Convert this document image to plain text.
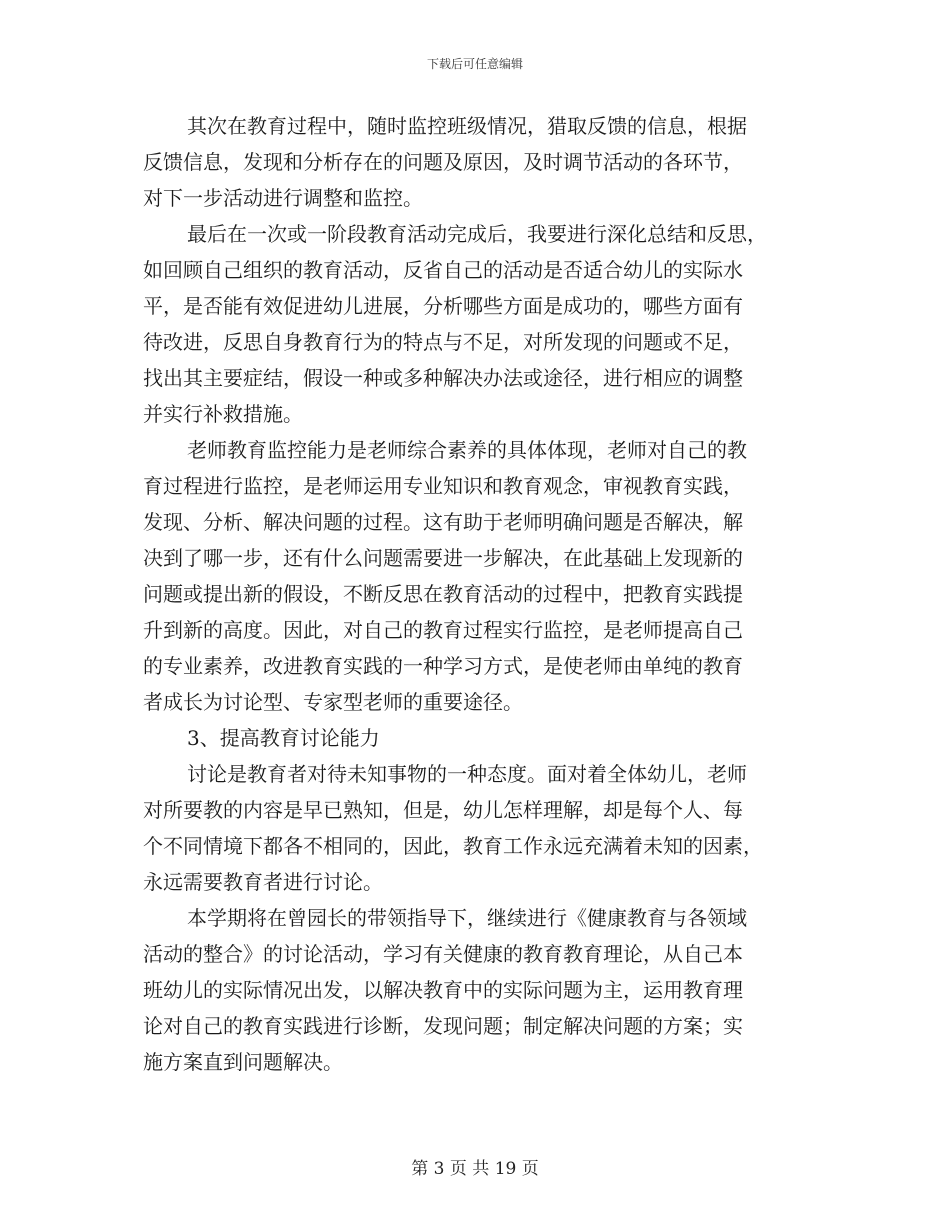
下载后可任意编辑
其次在教育过程中，随时监控班级情况，猎取反馈的信息，根据
反馈信息，发现和分析存在的问题及原因，及时调节活动的各环节，
对下一步活动进行调整和监控。
最后在一次或一阶段教育活动完成后，我要进行深化总结和反思，
如回顾自己组织的教育活动，反省自己的活动是否适合幼儿的实际水
平，是否能有效促进幼儿进展，分析哪些方面是成功的，哪些方面有
待改进，反思自身教育行为的特点与不足，对所发现的问题或不足，
找出其主要症结，假设一种或多种解决办法或途径，进行相应的调整
并实行补救措施。
老师教育监控能力是老师综合素养的具体体现，老师对自己的教
育过程进行监控，是老师运用专业知识和教育观念，审视教育实践，
发现、分析、解决问题的过程。这有助于老师明确问题是否解决，解
决到了哪一步，还有什么问题需要进一步解决，在此基础上发现新的
问题或提出新的假设，不断反思在教育活动的过程中，把教育实践提
升到新的高度。因此，对自己的教育过程实行监控，是老师提高自己
的专业素养，改进教育实践的一种学习方式，是使老师由单纯的教育
者成长为讨论型、专家型老师的重要途径。
3、提高教育讨论能力
讨论是教育者对待未知事物的一种态度。面对着全体幼儿，老师
对所要教的内容是早已熟知，但是，幼儿怎样理解，却是每个人、每
个不同情境下都各不相同的，因此，教育工作永远充满着未知的因素，
永远需要教育者进行讨论。
本学期将在曾园长的带领指导下，继续进行《健康教育与各领域
活动的整合》的讨论活动，学习有关健康的教育教育理论，从自己本
班幼儿的实际情况出发，以解决教育中的实际问题为主，运用教育理
论对自己的教育实践进行诊断，发现问题；制定解决问题的方案；实
施方案直到问题解决。
第 3 页 共 19 页
